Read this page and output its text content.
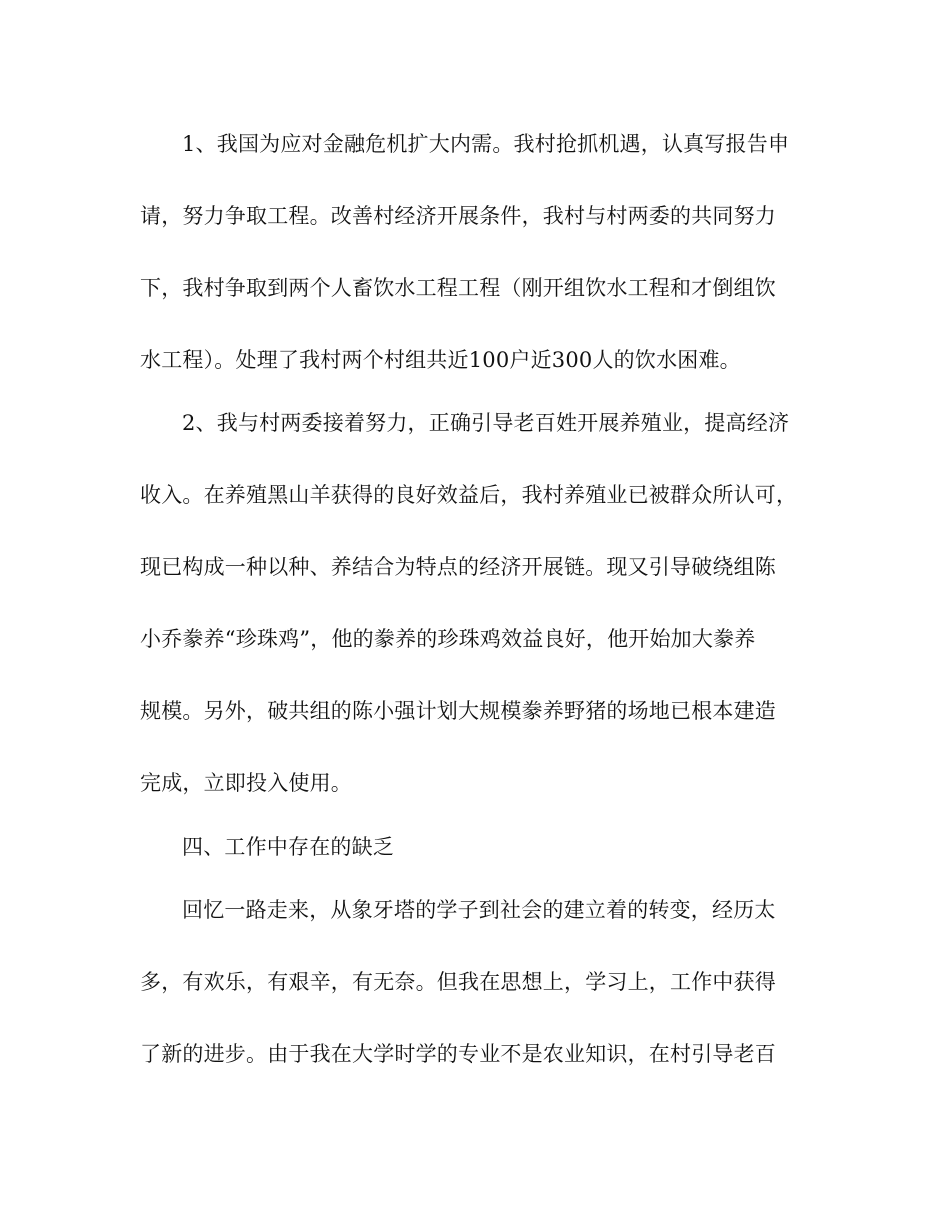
1、我国为应对金融危机扩大内需。我村抢抓机遇，认真写报告申
请，努力争取工程。改善村经济开展条件，我村与村两委的共同努力
下，我村争取到两个人畜饮水工程工程（刚开组饮水工程和才倒组饮
水工程）。处理了我村两个村组共近100户近300人的饮水困难。
2、我与村两委接着努力，正确引导老百姓开展养殖业，提高经济
收入。在养殖黑山羊获得的良好效益后，我村养殖业已被群众所认可，
现已构成一种以种、养结合为特点的经济开展链。现又引导破绕组陈
小乔豢养“珍珠鸡”，他的豢养的珍珠鸡效益良好，他开始加大豢养
规模。另外，破共组的陈小强计划大规模豢养野猪的场地已根本建造
完成，立即投入使用。
四、工作中存在的缺乏
回忆一路走来，从象牙塔的学子到社会的建立着的转变，经历太
多，有欢乐，有艰辛，有无奈。但我在思想上，学习上，工作中获得
了新的进步。由于我在大学时学的专业不是农业知识，在村引导老百
